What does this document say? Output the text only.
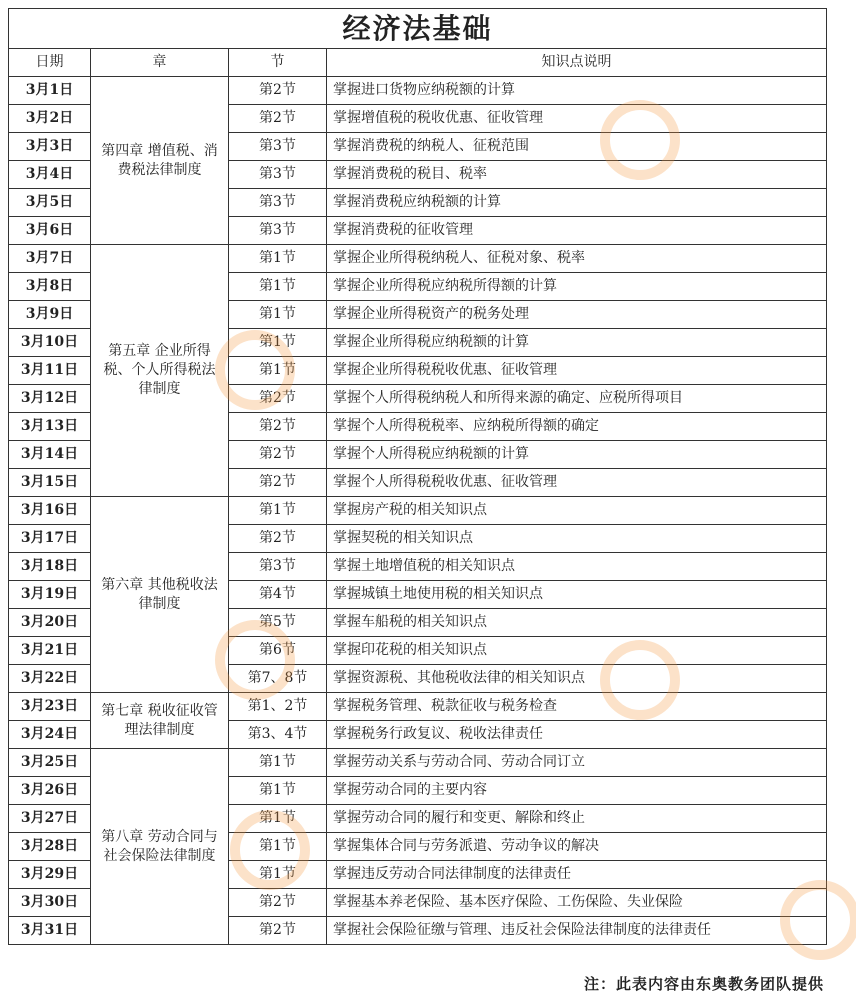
经济法基础			
日期	章	节	知识点说明
3月1日	第四章 增值税、消费税法律制度	第2节	掌握进口货物应纳税额的计算
3月2日		第2节	掌握增值税的税收优惠、征收管理
3月3日		第3节	掌握消费税的纳税人、征税范围
3月4日		第3节	掌握消费税的税目、税率
3月5日		第3节	掌握消费税应纳税额的计算
3月6日		第3节	掌握消费税的征收管理
3月7日	第五章 企业所得税、个人所得税法律制度	第1节	掌握企业所得税纳税人、征税对象、税率
3月8日		第1节	掌握企业所得税应纳税所得额的计算
3月9日		第1节	掌握企业所得税资产的税务处理
3月10日		第1节	掌握企业所得税应纳税额的计算
3月11日		第1节	掌握企业所得税税收优惠、征收管理
3月12日		第2节	掌握个人所得税纳税人和所得来源的确定、应税所得项目
3月13日		第2节	掌握个人所得税税率、应纳税所得额的确定
3月14日		第2节	掌握个人所得税应纳税额的计算
3月15日		第2节	掌握个人所得税税收优惠、征收管理
3月16日	第六章 其他税收法律制度	第1节	掌握房产税的相关知识点
3月17日		第2节	掌握契税的相关知识点
3月18日		第3节	掌握土地增值税的相关知识点
3月19日		第4节	掌握城镇土地使用税的相关知识点
3月20日		第5节	掌握车船税的相关知识点
3月21日		第6节	掌握印花税的相关知识点
3月22日		第7、8节	掌握资源税、其他税收法律的相关知识点
3月23日	第七章 税收征收管理法律制度	第1、2节	掌握税务管理、税款征收与税务检查
3月24日		第3、4节	掌握税务行政复议、税收法律责任
3月25日	第八章 劳动合同与社会保险法律制度	第1节	掌握劳动关系与劳动合同、劳动合同订立
3月26日		第1节	掌握劳动合同的主要内容
3月27日		第1节	掌握劳动合同的履行和变更、解除和终止
3月28日		第1节	掌握集体合同与劳务派遣、劳动争议的解决
3月29日		第1节	掌握违反劳动合同法律制度的法律责任
3月30日		第2节	掌握基本养老保险、基本医疗保险、工伤保险、失业保险
3月31日		第2节	掌握社会保险征缴与管理、违反社会保险法律制度的法律责任
注：此表内容由东奥教务团队提供
